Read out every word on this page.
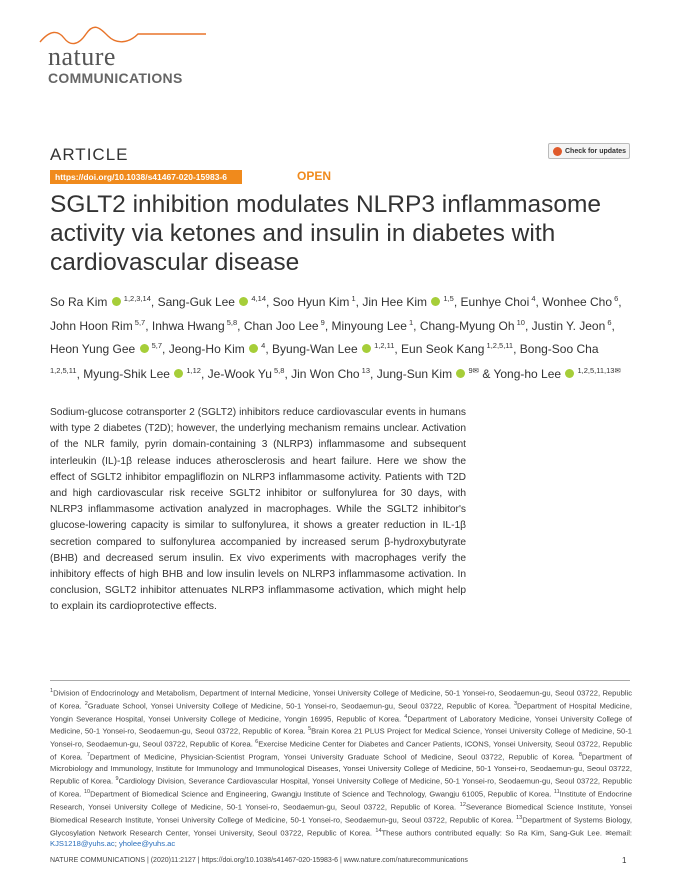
nature
COMMUNICATIONS
ARTICLE	Check for updates
https://doi.org/10.1038/s41467-020-15983-6	OPEN
SGLT2 inhibition modulates NLRP3 inflammasome activity via ketones and insulin in diabetes with cardiovascular disease
So Ra Kim  $^{1,2,3,14}$, Sang-Guk Lee  $^{4,14}$, Soo Hyun Kim $^1$, Jin Hee Kim  $^{1,5}$, Eunhye Choi $^4$, Wonhee Cho $^6$, John Hoon Rim $^{5,7}$, Inhwa Hwang $^{5,8}$, Chan Joo Lee $^9$, Minyoung Lee $^1$, Chang-Myung Oh $^{10}$, Justin Y. Jeon $^6$, Heon Yung Gee  $^{5,7}$, Jeong-Ho Kim  $^4$, Byung-Wan Lee  $^{1,2,11}$, Eun Seok Kang $^{1,2,5,11}$, Bong-Soo Cha $^{1,2,5,11}$, Myung-Shik Lee  $^{1,12}$, Je-Wook Yu $^{5,8}$, Jin Won Cho $^{13}$, Jung-Sun Kim  $^{9✉}$ & Yong-ho Lee  $^{1,2,5,11,13✉}$

Sodium-glucose cotransporter 2 (SGLT2) inhibitors reduce cardiovascular events in humans with type 2 diabetes (T2D); however, the underlying mechanism remains unclear. Activation of the NLR family, pyrin domain-containing 3 (NLRP3) inflammasome and subsequent interleukin (IL)-1β release induces atherosclerosis and heart failure. Here we show the effect of SGLT2 inhibitor empagliflozin on NLRP3 inflammasome activity. Patients with T2D and high cardiovascular risk receive SGLT2 inhibitor or sulfonylurea for 30 days, with NLRP3 inflammasome activation analyzed in macrophages. While the SGLT2 inhibitor's glucose-lowering capacity is similar to sulfonylurea, it shows a greater reduction in IL-1β secretion compared to sulfonylurea accompanied by increased serum β-hydroxybutyrate (BHB) and decreased serum insulin. Ex vivo experiments with macrophages verify the inhibitory effects of high BHB and low insulin levels on NLRP3 inflammasome activation. In conclusion, SGLT2 inhibitor attenuates NLRP3 inflammasome activation, which might help to explain its cardioprotective effects.

$^1$Division of Endocrinology and Metabolism, Department of Internal Medicine, Yonsei University College of Medicine, 50-1 Yonsei-ro, Seodaemun-gu, Seoul 03722, Republic of Korea. $^2$Graduate School, Yonsei University College of Medicine, 50-1 Yonsei-ro, Seodaemun-gu, Seoul 03722, Republic of Korea. $^3$Department of Hospital Medicine, Yongin Severance Hospital, Yonsei University College of Medicine, Yongin 16995, Republic of Korea. $^4$Department of Laboratory Medicine, Yonsei University College of Medicine, 50-1 Yonsei-ro, Seodaemun-gu, Seoul 03722, Republic of Korea. $^5$Brain Korea 21 PLUS Project for Medical Science, Yonsei University College of Medicine, 50-1 Yonsei-ro, Seodaemun-gu, Seoul 03722, Republic of Korea. $^6$Exercise Medicine Center for Diabetes and Cancer Patients, ICONS, Yonsei University, Seoul 03722, Republic of Korea. $^7$Department of Medicine, Physician-Scientist Program, Yonsei University Graduate School of Medicine, Seoul 03722, Republic of Korea. $^8$Department of Microbiology and Immunology, Institute for Immunology and Immunological Diseases, Yonsei University College of Medicine, 50-1 Yonsei-ro, Seodaemun-gu, Seoul 03722, Republic of Korea. $^9$Cardiology Division, Severance Cardiovascular Hospital, Yonsei University College of Medicine, 50-1 Yonsei-ro, Seodaemun-gu, Seoul 03722, Republic of Korea. $^{10}$Department of Biomedical Science and Engineering, Gwangju Institute of Science and Technology, Gwangju 61005, Republic of Korea. $^{11}$Institute of Endocrine Research, Yonsei University College of Medicine, 50-1 Yonsei-ro, Seodaemun-gu, Seoul 03722, Republic of Korea. $^{12}$Severance Biomedical Science Institute, Yonsei Biomedical Research Institute, Yonsei University College of Medicine, 50-1 Yonsei-ro, Seodaemun-gu, Seoul 03722, Republic of Korea. $^{13}$Department of Systems Biology, Glycosylation Network Research Center, Yonsei University, Seoul 03722, Republic of Korea. $^{14}$These authors contributed equally: So Ra Kim, Sang-Guk Lee. ✉email: KJS1218@yuhs.ac; yholee@yuhs.ac

NATURE COMMUNICATIONS | (2020)11:2127 | https://doi.org/10.1038/s41467-020-15983-6 | www.nature.com/naturecommunications	1
